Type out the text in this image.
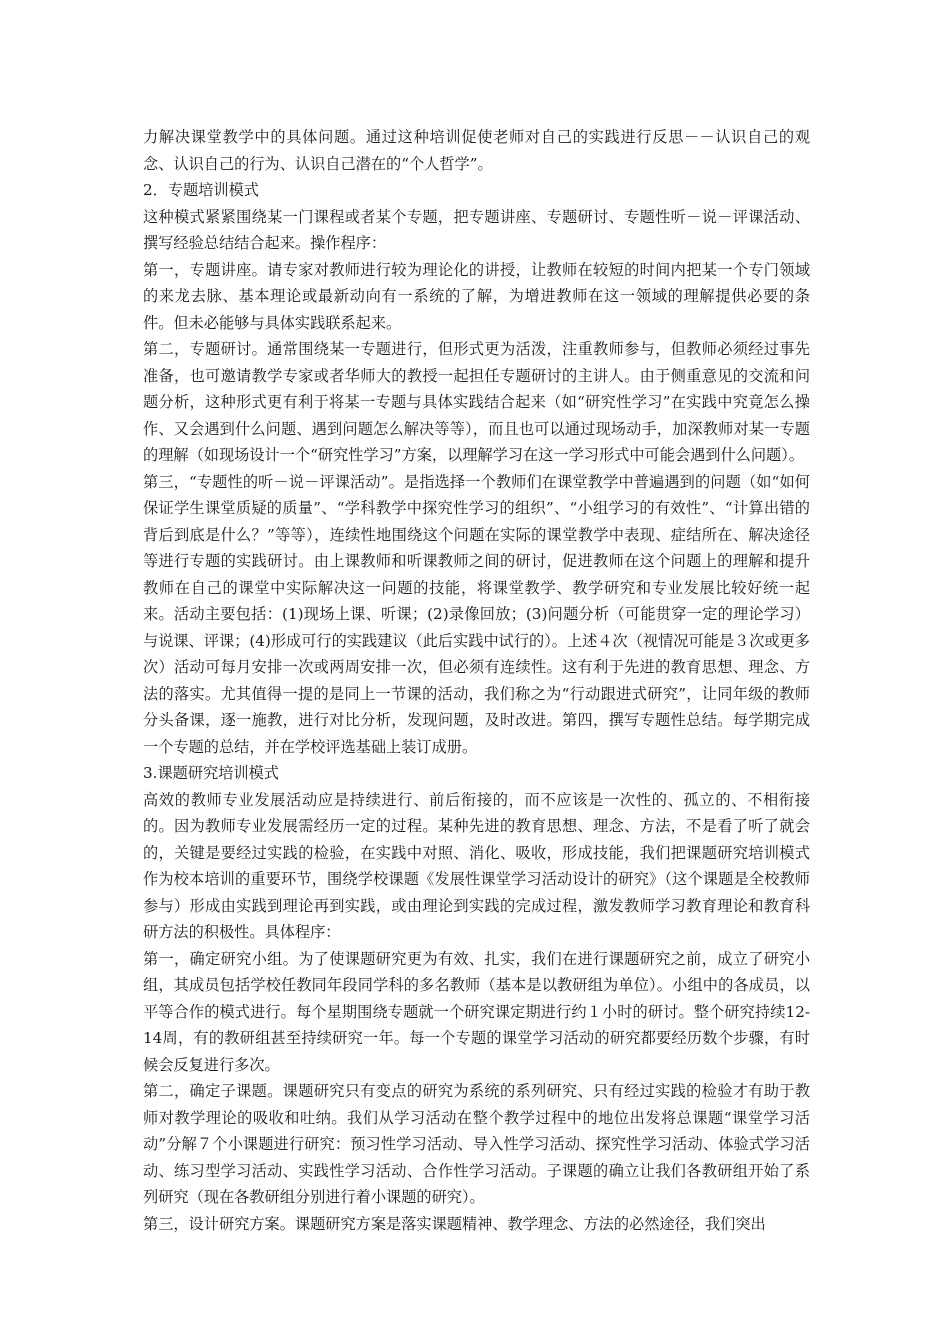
力解决课堂教学中的具体问题。通过这种培训促使老师对自己的实践进行反思－－认识自己的观念、认识自己的行为、认识自己潜在的“个人哲学”。

2．专题培训模式

这种模式紧紧围绕某一门课程或者某个专题，把专题讲座、专题研讨、专题性听－说－评课活动、撰写经验总结结合起来。操作程序：

第一，专题讲座。请专家对教师进行较为理论化的讲授，让教师在较短的时间内把某一个专门领域的来龙去脉、基本理论或最新动向有一系统的了解，为增进教师在这一领域的理解提供必要的条件。但未必能够与具体实践联系起来。

第二，专题研讨。通常围绕某一专题进行，但形式更为活泼，注重教师参与，但教师必须经过事先准备，也可邀请教学专家或者华师大的教授一起担任专题研讨的主讲人。由于侧重意见的交流和问题分析，这种形式更有利于将某一专题与具体实践结合起来（如“研究性学习”在实践中究竟怎么操作、又会遇到什么问题、遇到问题怎么解决等等），而且也可以通过现场动手，加深教师对某一专题的理解（如现场设计一个“研究性学习”方案，以理解学习在这一学习形式中可能会遇到什么问题）。

第三，“专题性的听－说－评课活动”。是指选择一个教师们在课堂教学中普遍遇到的问题（如“如何保证学生课堂质疑的质量”、“学科教学中探究性学习的组织”、“小组学习的有效性”、“计算出错的背后到底是什么？”等等），连续性地围绕这个问题在实际的课堂教学中表现、症结所在、解决途径等进行专题的实践研讨。由上课教师和听课教师之间的研讨，促进教师在这个问题上的理解和提升教师在自己的课堂中实际解决这一问题的技能，将课堂教学、教学研究和专业发展比较好统一起来。活动主要包括：(1)现场上课、听课；(2)录像回放；(3)问题分析（可能贯穿一定的理论学习）与说课、评课；(4)形成可行的实践建议（此后实践中试行的）。上述４次（视情况可能是３次或更多次）活动可每月安排一次或两周安排一次，但必须有连续性。这有利于先进的教育思想、理念、方法的落实。尤其值得一提的是同上一节课的活动，我们称之为“行动跟进式研究”，让同年级的教师分头备课，逐一施教，进行对比分析，发现问题，及时改进。第四，撰写专题性总结。每学期完成一个专题的总结，并在学校评选基础上装订成册。

3.课题研究培训模式

高效的教师专业发展活动应是持续进行、前后衔接的，而不应该是一次性的、孤立的、不相衔接的。因为教师专业发展需经历一定的过程。某种先进的教育思想、理念、方法，不是看了听了就会的，关键是要经过实践的检验，在实践中对照、消化、吸收，形成技能，我们把课题研究培训模式作为校本培训的重要环节，围绕学校课题《发展性课堂学习活动设计的研究》（这个课题是全校教师参与）形成由实践到理论再到实践，或由理论到实践的完成过程，激发教师学习教育理论和教育科研方法的积极性。具体程序：

第一，确定研究小组。为了使课题研究更为有效、扎实，我们在进行课题研究之前，成立了研究小组，其成员包括学校任教同年段同学科的多名教师（基本是以教研组为单位）。小组中的各成员，以平等合作的模式进行。每个星期围绕专题就一个研究课定期进行约１小时的研讨。整个研究持续12-14周，有的教研组甚至持续研究一年。每一个专题的课堂学习活动的研究都要经历数个步骤，有时候会反复进行多次。

第二，确定子课题。课题研究只有变点的研究为系统的系列研究、只有经过实践的检验才有助于教师对教学理论的吸收和吐纳。我们从学习活动在整个教学过程中的地位出发将总课题“课堂学习活动”分解７个小课题进行研究：预习性学习活动、导入性学习活动、探究性学习活动、体验式学习活动、练习型学习活动、实践性学习活动、合作性学习活动。子课题的确立让我们各教研组开始了系列研究（现在各教研组分别进行着小课题的研究）。

第三，设计研究方案。课题研究方案是落实课题精神、教学理念、方法的必然途径，我们突出
